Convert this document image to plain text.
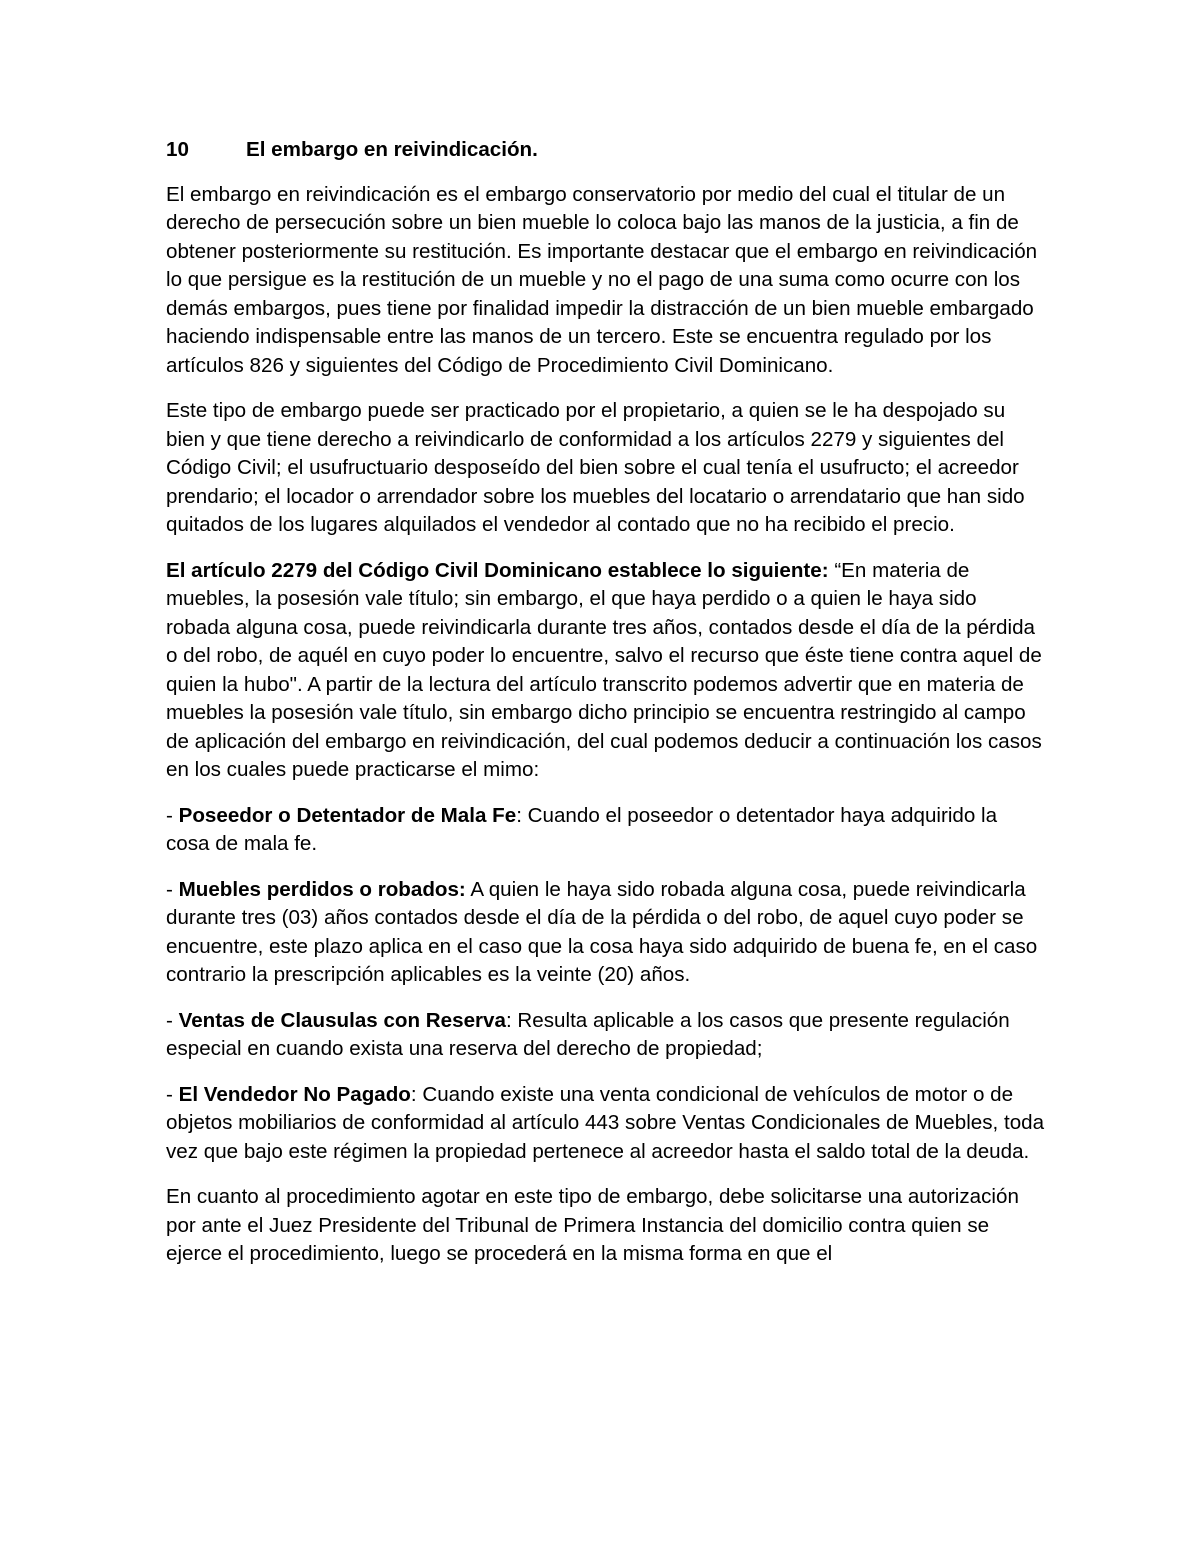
10	El embargo en reivindicación.

El embargo en reivindicación es el embargo conservatorio por medio del cual el titular de un derecho de persecución sobre un bien mueble lo coloca bajo las manos de la justicia, a fin de obtener posteriormente su restitución. Es importante destacar que el embargo en reivindicación lo que persigue es la restitución de un mueble y no el pago de una suma como ocurre con los demás embargos, pues tiene por finalidad impedir la distracción de un bien mueble embargado haciendo indispensable entre las manos de un tercero. Este se encuentra regulado por los artículos 826 y siguientes del Código de Procedimiento Civil Dominicano.

Este tipo de embargo puede ser practicado por el propietario, a quien se le ha despojado su bien y que tiene derecho a reivindicarlo de conformidad a los artículos 2279 y siguientes del Código Civil; el usufructuario desposeído del bien sobre el cual tenía el usufructo; el acreedor prendario; el locador o arrendador sobre los muebles del locatario o arrendatario que han sido quitados de los lugares alquilados el vendedor al contado que no ha recibido el precio.

El artículo 2279 del Código Civil Dominicano establece lo siguiente: “En materia de muebles, la posesión vale título; sin embargo, el que haya perdido o a quien le haya sido robada alguna cosa, puede reivindicarla durante tres años, contados desde el día de la pérdida o del robo, de aquél en cuyo poder lo encuentre, salvo el recurso que éste tiene contra aquel de quien la hubo". A partir de la lectura del artículo transcrito podemos advertir que en materia de muebles la posesión vale título, sin embargo dicho principio se encuentra restringido al campo de aplicación del embargo en reivindicación, del cual podemos deducir a continuación los casos en los cuales puede practicarse el mimo:

- Poseedor o Detentador de Mala Fe: Cuando el poseedor o detentador haya adquirido la cosa de mala fe.

- Muebles perdidos o robados: A quien le haya sido robada alguna cosa, puede reivindicarla durante tres (03) años contados desde el día de la pérdida o del robo, de aquel cuyo poder se encuentre, este plazo aplica en el caso que la cosa haya sido adquirido de buena fe, en el caso contrario la prescripción aplicables es la veinte (20) años.

- Ventas de Clausulas con Reserva: Resulta aplicable a los casos que presente regulación especial en cuando exista una reserva del derecho de propiedad;

- El Vendedor No Pagado: Cuando existe una venta condicional de vehículos de motor o de objetos mobiliarios de conformidad al artículo 443 sobre Ventas Condicionales de Muebles, toda vez que bajo este régimen la propiedad pertenece al acreedor hasta el saldo total de la deuda.

En cuanto al procedimiento agotar en este tipo de embargo, debe solicitarse una autorización por ante el Juez Presidente del Tribunal de Primera Instancia del domicilio contra quien se ejerce el procedimiento, luego se procederá en la misma forma en que el
